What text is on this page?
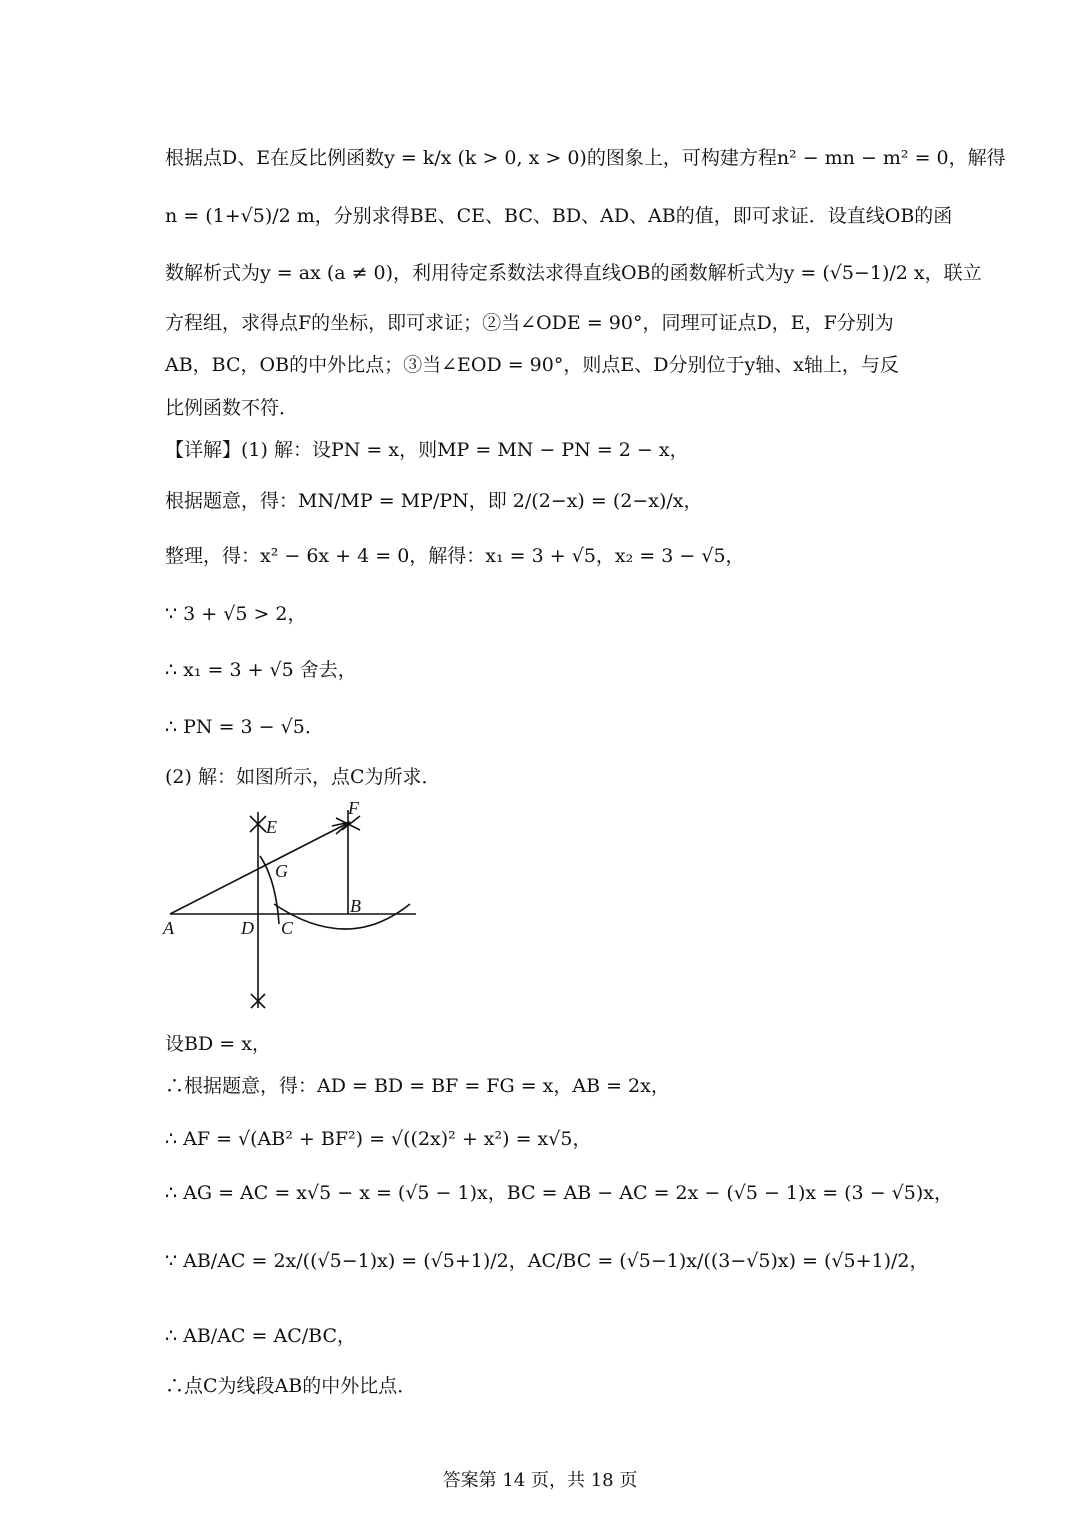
根据点D、E在反比例函数y = k/x (k > 0, x > 0)的图象上，可构建方程n² − mn − m² = 0，解得
n = (1+√5)/2 m，分别求得BE、CE、BC、BD、AD、AB的值，即可求证．设直线OB的函
数解析式为y = ax (a ≠ 0)，利用待定系数法求得直线OB的函数解析式为y = (√5−1)/2 x，联立
方程组，求得点F的坐标，即可求证；②当∠ODE = 90°，同理可证点D，E，F分别为
AB，BC，OB的中外比点；③当∠EOD = 90°，则点E、D分别位于y轴、x轴上，与反
比例函数不符．
【详解】(1) 解：设PN = x，则MP = MN − PN = 2 − x，
根据题意，得：MN/MP = MP/PN，即 2/(2−x) = (2−x)/x，
整理，得：x² − 6x + 4 = 0，解得：x₁ = 3 + √5，x₂ = 3 − √5，
∵ 3 + √5 > 2，
∴ x₁ = 3 + √5 舍去，
∴ PN = 3 − √5．
(2) 解：如图所示，点C为所求．
A	D C
B
E
F
G
设BD = x，
∴根据题意，得：AD = BD = BF = FG = x，AB = 2x，
∴ AF = √(AB² + BF²) = √((2x)² + x²) = x√5，
∴ AG = AC = x√5 − x = (√5 − 1)x，BC = AB − AC = 2x − (√5 − 1)x = (3 − √5)x，
∵ AB/AC = 2x/((√5−1)x) = (√5+1)/2，AC/BC = (√5−1)x/((3−√5)x) = (√5+1)/2，
∴ AB/AC = AC/BC，
∴点C为线段AB的中外比点．
答案第 14 页，共 18 页
